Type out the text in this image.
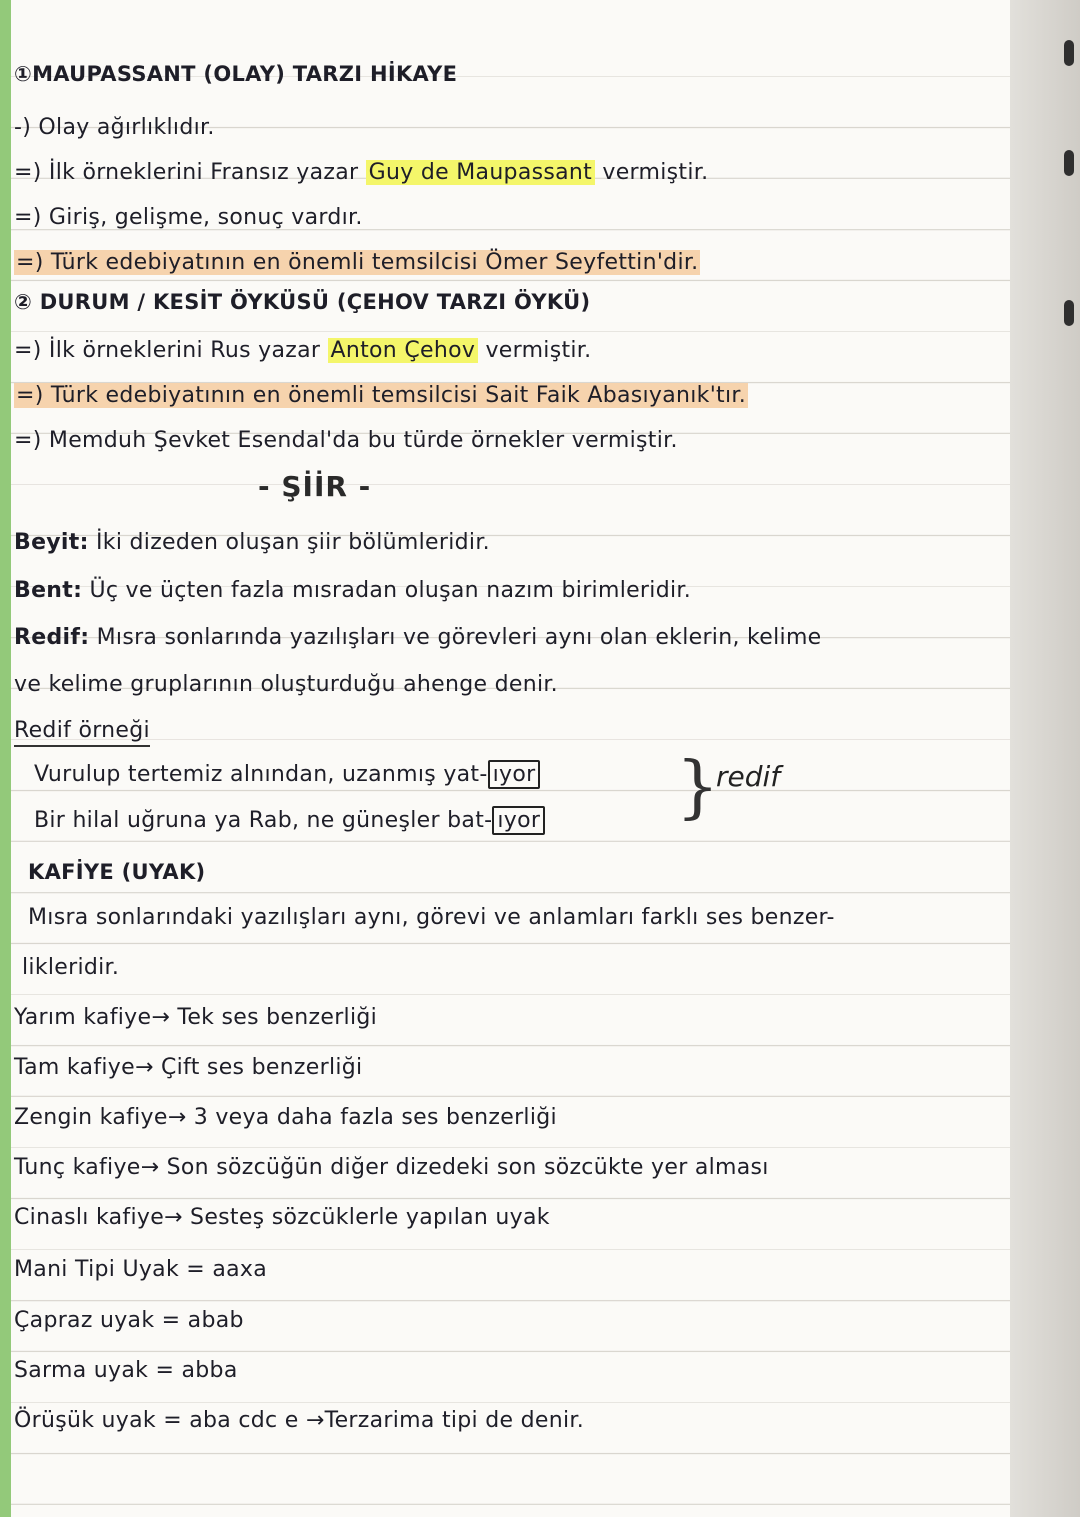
①MAUPASSANT (OLAY) TARZI HİKAYE
-) Olay ağırlıklıdır.
=) İlk örneklerini Fransız yazar Guy de Maupassant vermiştir.
=) Giriş, gelişme, sonuç vardır.
=) Türk edebiyatının en önemli temsilcisi Ömer Seyfettin'dir.
② DURUM / KESİT ÖYKÜSÜ (ÇEHOV TARZI ÖYKÜ)
=) İlk örneklerini Rus yazar Anton Çehov vermiştir.
=) Türk edebiyatının en önemli temsilcisi Sait Faik Abasıyanık'tır.
=) Memduh Şevket Esendal'da bu türde örnekler vermiştir.
- ŞİİR -
Beyit: İki dizeden oluşan şiir bölümleridir.
Bent: Üç ve üçten fazla mısradan oluşan nazım birimleridir.
Redif: Mısra sonlarında yazılışları ve görevleri aynı olan eklerin, kelime
ve kelime gruplarının oluşturduğu ahenge denir.
Redif örneği
Vurulup tertemiz alnından, uzanmış yat- ıyor
Bir hilal uğruna ya Rab, ne güneşler bat- ıyor }
redif
KAFİYE (UYAK)
Mısra sonlarındaki yazılışları aynı, görevi ve anlamları farklı ses benzer-
likleridir.
Yarım kafiye→ Tek ses benzerliği
Tam kafiye→ Çift ses benzerliği
Zengin kafiye→ 3 veya daha fazla ses benzerliği
Tunç kafiye→ Son sözcüğün diğer dizedeki son sözcükte yer alması
Cinaslı kafiye→ Sesteş sözcüklerle yapılan uyak
Mani Tipi Uyak = aaxa
Çapraz uyak = abab
Sarma uyak = abba
Örüşük uyak = aba cdc e →Terzarima tipi de denir.
